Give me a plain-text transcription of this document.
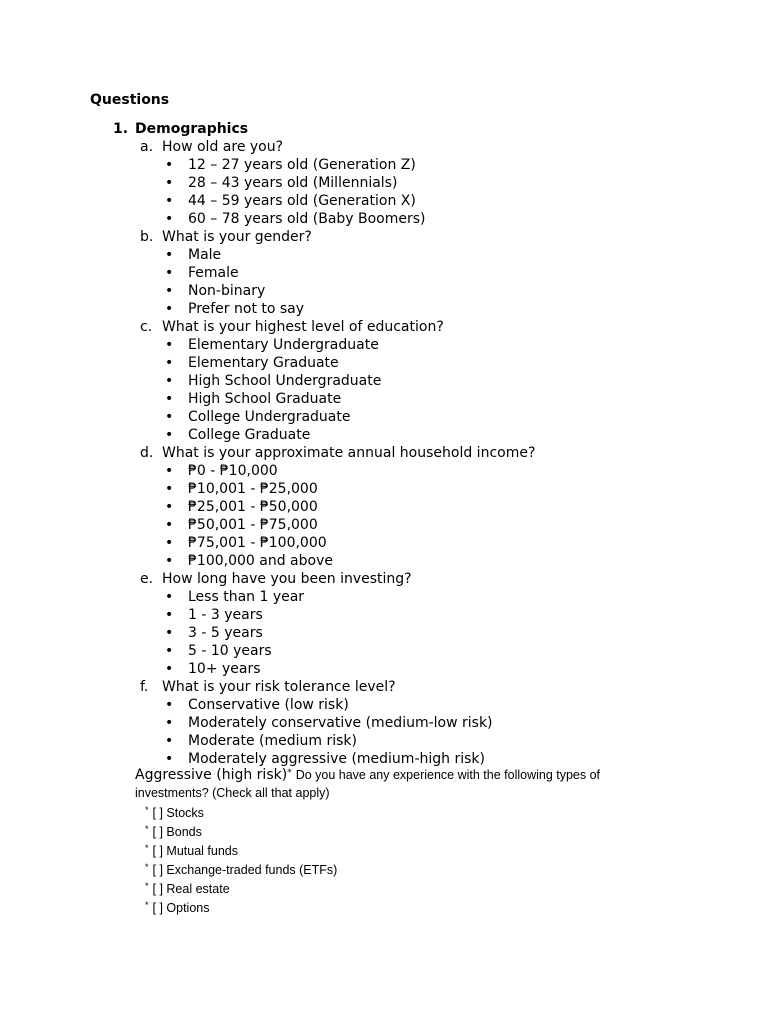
Questions

1. Demographics

a. How old are you?
• 12 – 27 years old (Generation Z)
• 28 – 43 years old (Millennials)
• 44 – 59 years old (Generation X)
• 60 – 78 years old (Baby Boomers)
b. What is your gender?
• Male
• Female
• Non-binary
• Prefer not to say
c. What is your highest level of education?
• Elementary Undergraduate
• Elementary Graduate
• High School Undergraduate
• High School Graduate
• College Undergraduate
• College Graduate
d. What is your approximate annual household income?
• ₱0 - ₱10,000
• ₱10,001 - ₱25,000
• ₱25,001 - ₱50,000
• ₱50,001 - ₱75,000
• ₱75,001 - ₱100,000
• ₱100,000 and above
e. How long have you been investing?
• Less than 1 year
• 1 - 3 years
• 3 - 5 years
• 5 - 10 years
• 10+ years
f. What is your risk tolerance level?
• Conservative (low risk)
• Moderately conservative (medium-low risk)
• Moderate (medium risk)
• Moderately aggressive (medium-high risk)
Aggressive (high risk)* Do you have any experience with the following types of investments? (Check all that apply)
* [ ] Stocks
* [ ] Bonds
* [ ] Mutual funds
* [ ] Exchange-traded funds (ETFs)
* [ ] Real estate
* [ ] Options
